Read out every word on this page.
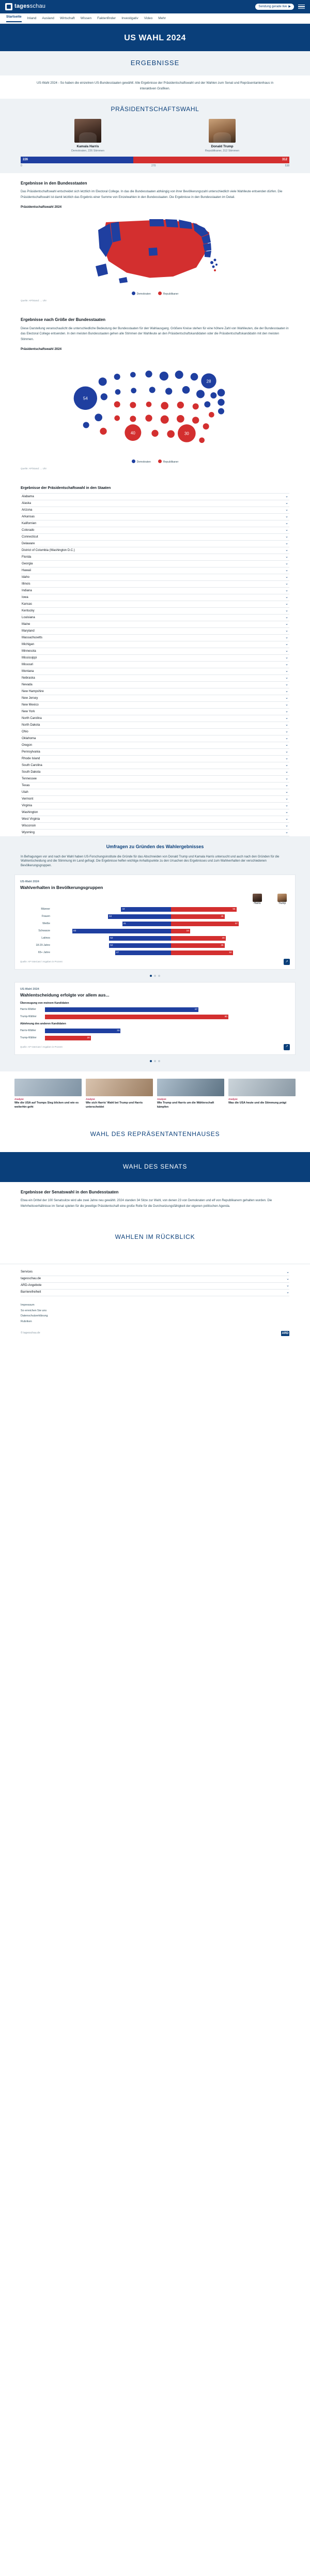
tagesschau	Sendung gerade live ▶
Startseite Inland Ausland Wirtschaft Wissen Faktenfinder Investigativ Video Mehr
US WAHL 2024
ERGEBNISSE
US-Wahl 2024 - So haben die einzelnen US-Bundesstaaten gewählt: Alle Ergebnisse der Präsidentschaftswahl und der Wahlen zum Senat und Repräsentantenhaus in interaktiven Grafiken.
PRÄSIDENTSCHAFTSWAHL
Kamala Harris
Demokraten, 226 Stimmen
Donald Trump
Republikaner, 312 Stimmen
226	312
0	270	538
Ergebnisse in den Bundesstaaten

Das Präsidentschaftswahl entscheidet sich letztlich im Electoral College. In das die Bundesstaaten abhängig von ihrer Bevölkerungszahl unterschiedlich viele Wahlleute entsenden dürfen. Die Präsidentschaftswahl ist damit letztlich das Ergebnis einer Summe von Einzelwahlen in den Bundesstaaten. Die Ergebnisse in den Bundesstaaten im Detail.

Präsidentschaftswahl 2024
Demokraten	Republikaner
Quelle: AP/Stand: ... Uhr
Ergebnisse nach Größe der Bundesstaaten

Diese Darstellung veranschaulicht die unterschiedliche Bedeutung der Bundesstaaten für den Wahlausgang. Größere Kreise stehen für eine höhere Zahl von Wahlleuten, die der Bundesstaaten in das Electoral College entsenden. In den meisten Bundesstaaten gehen alle Stimmen der Wahlleute an den Präsidentschaftskandidaten oder die Präsidentschaftskandidatin mit den meisten Stimmen.

Präsidentschaftswahl 2024
54
28
40	30
Demokraten	Republikaner
Quelle: AP/Stand: ... Uhr
Ergebnisse der Präsidentschaftswahl in den Staaten
Alabama	⌄
Alaska	⌄
Arizona	⌄
Arkansas	⌄
Kalifornien	⌄
Colorado	⌄
Connecticut	⌄
Delaware	⌄
District of Columbia (Washington D.C.)	⌄
Florida	⌄
Georgia	⌄
Hawaii	⌄
Idaho	⌄
Illinois	⌄
Indiana	⌄
Iowa	⌄
Kansas	⌄
Kentucky	⌄
Louisiana	⌄
Maine	⌄
Maryland	⌄
Massachusetts	⌄
Michigan	⌄
Minnesota	⌄
Mississippi	⌄
Missouri	⌄
Montana	⌄
Nebraska	⌄
Nevada	⌄
New Hampshire	⌄
New Jersey	⌄
New Mexico	⌄
New York	⌄
North Carolina	⌄
North Dakota	⌄
Ohio	⌄
Oklahoma	⌄
Oregon	⌄
Pennsylvania	⌄
Rhode Island	⌄
South Carolina	⌄
South Dakota	⌄
Tennessee	⌄
Texas	⌄
Utah	⌄
Vermont	⌄
Virginia	⌄
Washington	⌄
West Virginia	⌄
Wisconsin	⌄
Wyoming	⌄
Umfragen zu Gründen des Wahlergebnisses

In Befragungen vor und nach der Wahl haben US-Forschungsinstitute die Gründe für das Abschneiden von Donald Trump und Kamala Harris untersucht und auch nach den Gründen für die Wahlentscheidung und die Stimmung im Land gefragt. Die Ergebnisse helfen wichtige Anhaltspunkte zu den Ursachen des Ergebnisses und zum Wahlverhalten der verschiedenen Bevölkerungsgruppen.

US-Wahl 2024
Wahlverhalten in Bevölkerungsgruppen
Harris	Trump
Männer	42	55
Frauen	53	45
Weiße	41	57
Schwarze	83	16
Latinos	52	46
18-29 Jahre	52	45
65+ Jahre	47	52
Quelle: AP VoteCast / Angaben in Prozent	↗
US-Wahl 2024
Wahlentscheidung erfolgte vor allem aus...
Überzeugung von meinem Kandidaten
Harris-Wähler	67
Trump-Wähler	80
Ablehnung des anderen Kandidaten
Harris-Wähler	33
Trump-Wähler	20
Quelle: AP VoteCast / Angaben in Prozent	↗
Analyse
Wie die USA auf Trumps Sieg blicken und wie es weiterhin geht
Analyse
Wie sich Harris' Wahl bei Trump und Harris unterscheidet
Analyse
Wie Trump und Harris um die Wählerschaft kämpfen
Analyse
Was die USA heute und die Stimmung prägt
WAHL DES REPRÄSENTANTENHAUSES
WAHL DES SENATS
Ergebnisse der Senatswahl in den Bundesstaaten

Etwa ein Drittel der 100 Senatssitze wird alle zwei Jahre neu gewählt. 2024 standen 34 Sitze zur Wahl, von denen 23 von Demokraten und elf von Republikanern gehalten wurden. Die Mehrheitsverhältnisse im Senat spielen für die jeweilige Präsidentschaft eine große Rolle für die Durchsetzungsfähigkeit der eigenen politischen Agenda.

WAHLEN IM RÜCKBLICK
Services	⌄
tagesschau.de	⌄
ARD-Angebote	⌄
Barrierefreiheit	⌄
Impressum
So erreichen Sie uns
Datenschutzerklärung
Rubriken
© tagesschau.de	ARD
